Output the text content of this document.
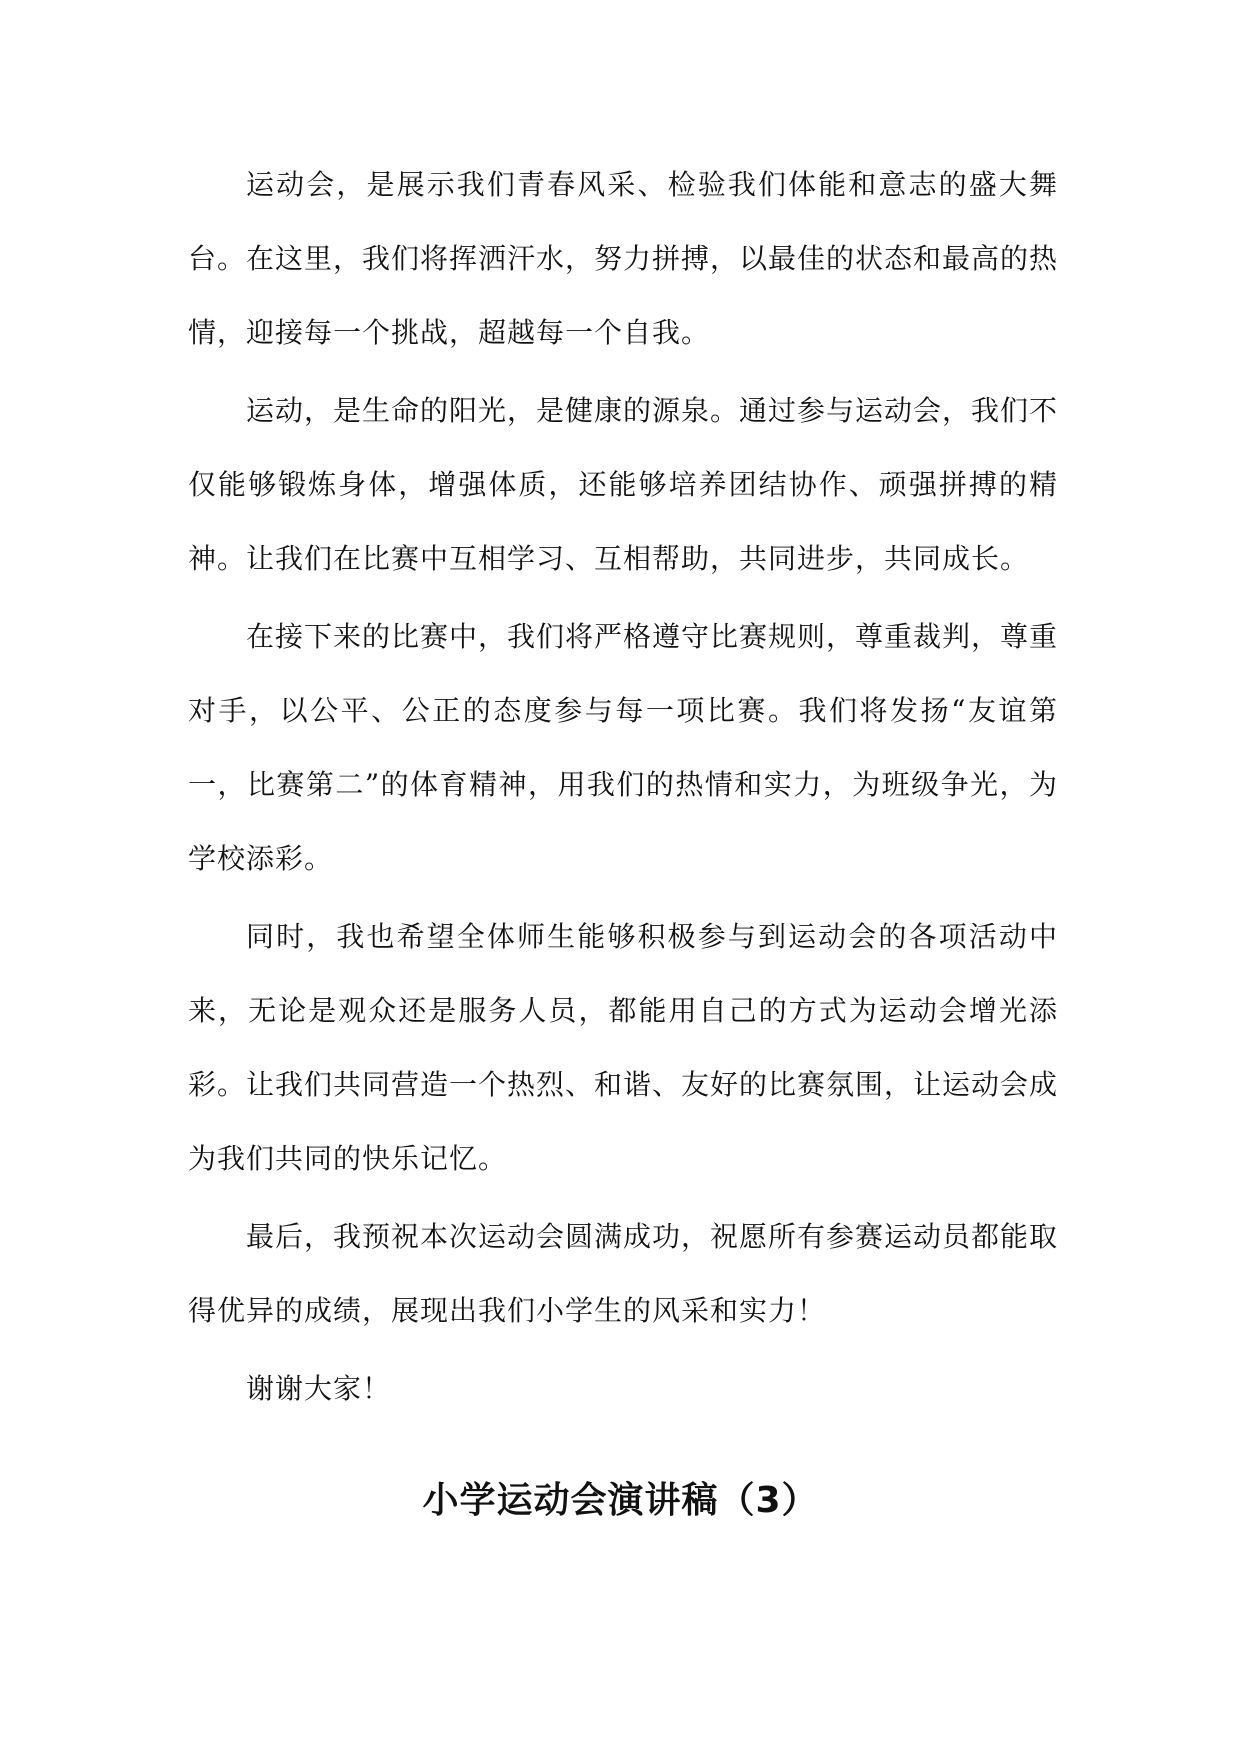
运动会，是展示我们青春风采、检验我们体能和意志的盛大舞台。在这里，我们将挥洒汗水，努力拼搏，以最佳的状态和最高的热情，迎接每一个挑战，超越每一个自我。

运动，是生命的阳光，是健康的源泉。通过参与运动会，我们不仅能够锻炼身体，增强体质，还能够培养团结协作、顽强拼搏的精神。让我们在比赛中互相学习、互相帮助，共同进步，共同成长。

在接下来的比赛中，我们将严格遵守比赛规则，尊重裁判，尊重对手，以公平、公正的态度参与每一项比赛。我们将发扬“友谊第一，比赛第二”的体育精神，用我们的热情和实力，为班级争光，为学校添彩。

同时，我也希望全体师生能够积极参与到运动会的各项活动中来，无论是观众还是服务人员，都能用自己的方式为运动会增光添彩。让我们共同营造一个热烈、和谐、友好的比赛氛围，让运动会成为我们共同的快乐记忆。

最后，我预祝本次运动会圆满成功，祝愿所有参赛运动员都能取得优异的成绩，展现出我们小学生的风采和实力！

谢谢大家！

小学运动会演讲稿（3）
